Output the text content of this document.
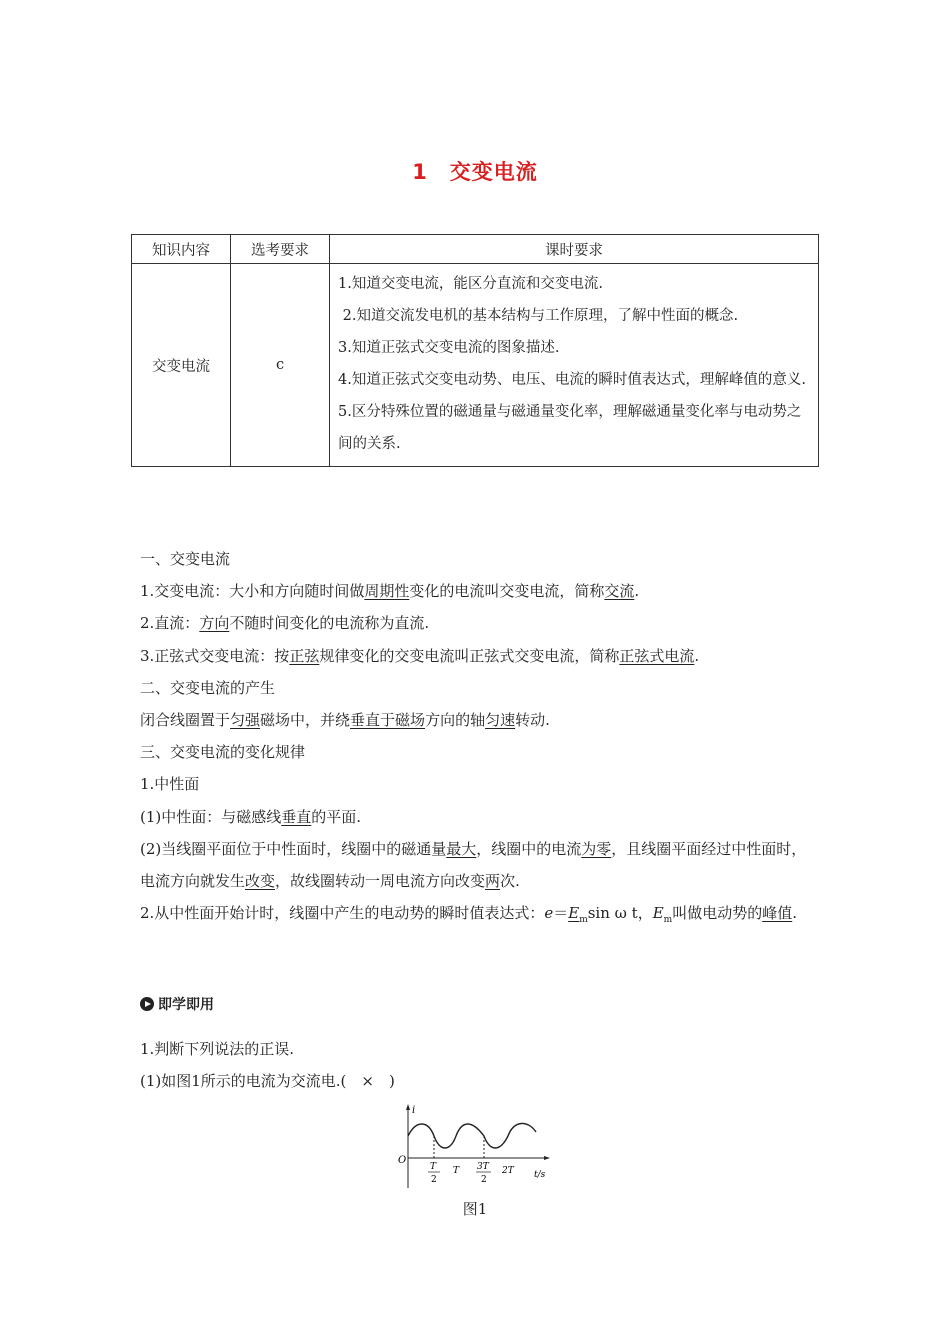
1　交变电流
知识内容	选考要求	课时要求
交变电流	c	1.知道交变电流，能区分直流和交变电流.
2.知道交流发电机的基本结构与工作原理，了解中性面的概念.
3.知道正弦式交变电流的图象描述.
4.知道正弦式交变电动势、电压、电流的瞬时值表达式，理解峰值的意义.
5.区分特殊位置的磁通量与磁通量变化率，理解磁通量变化率与电动势之间的关系.

一、交变电流

1.交变电流：大小和方向随时间做周期性变化的电流叫交变电流，简称交流.

2.直流：方向不随时间变化的电流称为直流.

3.正弦式交变电流：按正弦规律变化的交变电流叫正弦式交变电流，简称正弦式电流.

二、交变电流的产生

闭合线圈置于匀强磁场中，并绕垂直于磁场方向的轴匀速转动.

三、交变电流的变化规律

1.中性面

(1)中性面：与磁感线垂直的平面.

(2)当线圈平面位于中性面时，线圈中的磁通量最大，线圈中的电流为零，且线圈平面经过中性面时，电流方向就发生改变，故线圈转动一周电流方向改变两次.

2.从中性面开始计时，线圈中产生的电动势的瞬时值表达式：$e=E_m\sin$ ω t，$E_m$叫做电动势的峰值.

即学即用

1.判断下列说法的正误.

(1)如图1所示的电流为交流电.(　×　)

i
O
T
2
T 3T
2
2T t/s
图1
